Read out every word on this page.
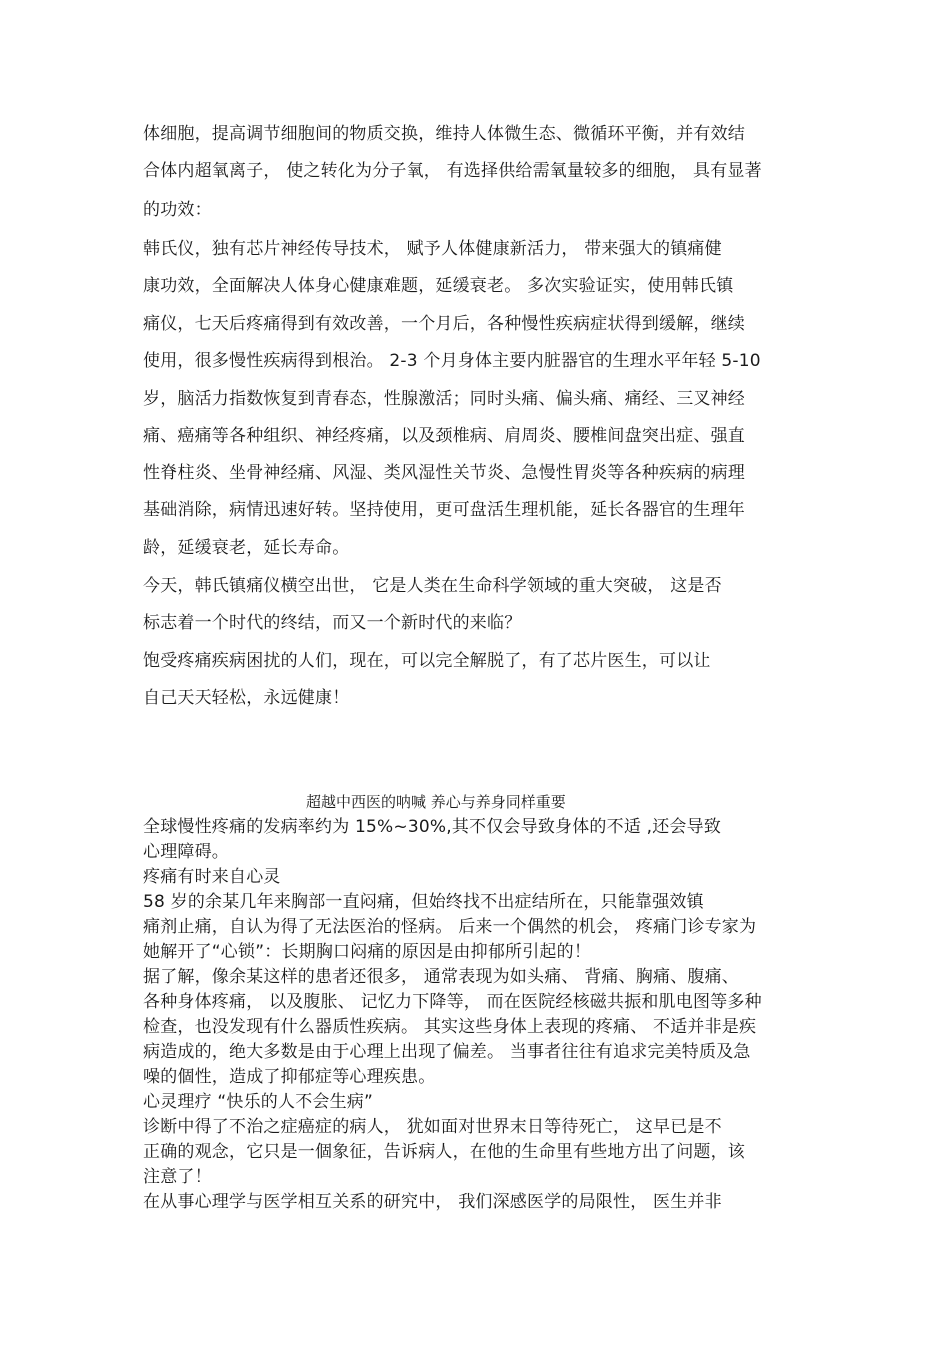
体细胞，提高调节细胞间的物质交换，维持人体微生态、微循环平衡，并有效结
合体内超氧离子， 使之转化为分子氧， 有选择供给需氧量较多的细胞， 具有显著
的功效：
韩氏仪，独有芯片神经传导技术， 赋予人体健康新活力， 带来强大的镇痛健
康功效，全面解决人体身心健康难题，延缓衰老。 多次实验证实，使用韩氏镇
痛仪，七天后疼痛得到有效改善，一个月后，各种慢性疾病症状得到缓解，继续
使用，很多慢性疾病得到根治。 2-3 个月身体主要内脏器官的生理水平年轻 5-10
岁，脑活力指数恢复到青春态，性腺激活；同时头痛、偏头痛、痛经、三叉神经
痛、癌痛等各种组织、神经疼痛，以及颈椎病、肩周炎、腰椎间盘突出症、强直
性脊柱炎、坐骨神经痛、风湿、类风湿性关节炎、急慢性胃炎等各种疾病的病理
基础消除，病情迅速好转。坚持使用，更可盘活生理机能，延长各器官的生理年
龄，延缓衰老，延长寿命。
今天，韩氏镇痛仪横空出世， 它是人类在生命科学领域的重大突破， 这是否
标志着一个时代的终结，而又一个新时代的来临？
饱受疼痛疾病困扰的人们，现在，可以完全解脱了，有了芯片医生，可以让
自己天天轻松，永远健康！
超越中西医的呐喊 养心与养身同样重要
全球慢性疼痛的发病率约为 15%~30%,其不仅会导致身体的不适 ,还会导致
心理障碍。
疼痛有时来自心灵
58 岁的余某几年来胸部一直闷痛，但始终找不出症结所在，只能靠强效镇
痛剂止痛，自认为得了无法医治的怪病。 后来一个偶然的机会， 疼痛门诊专家为
她解开了“心锁”：长期胸口闷痛的原因是由抑郁所引起的！
据了解，像余某这样的患者还很多， 通常表现为如头痛、 背痛、胸痛、腹痛、
各种身体疼痛， 以及腹胀、 记忆力下降等， 而在医院经核磁共振和肌电图等多种
检查，也没发现有什么器质性疾病。 其实这些身体上表现的疼痛、 不适并非是疾
病造成的，绝大多数是由于心理上出现了偏差。 当事者往往有追求完美特质及急
噪的個性，造成了抑郁症等心理疾患。
心灵理疗 “快乐的人不会生病”
诊断中得了不治之症癌症的病人， 犹如面对世界末日等待死亡， 这早已是不
正确的观念，它只是一個象征，告诉病人，在他的生命里有些地方出了问题，该
注意了！
在从事心理学与医学相互关系的研究中， 我们深感医学的局限性， 医生并非
